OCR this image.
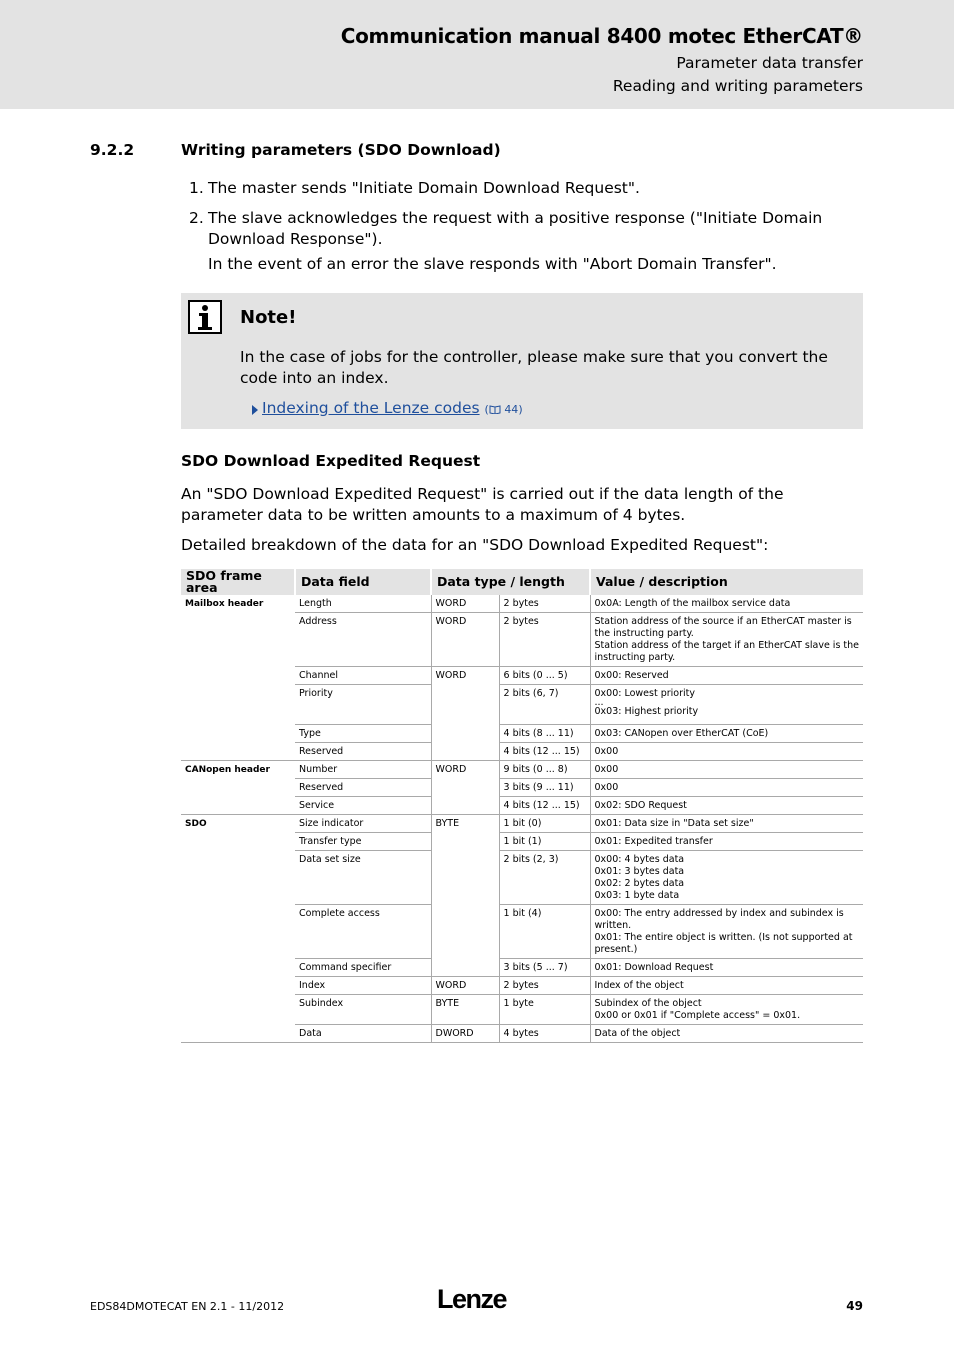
Communication manual 8400 motec EtherCAT®
Parameter data transfer
Reading and writing parameters
9.2.2	Writing parameters (SDO Download)
1. The master sends "Initiate Domain Download Request".
2. The slave acknowledges the request with a positive response ("Initiate Domain Download Response").
In the event of an error the slave responds with "Abort Domain Transfer".
Note!
In the case of jobs for the controller, please make sure that you convert the code into an index.
Indexing of the Lenze codes ( 44)
SDO Download Expedited Request
An "SDO Download Expedited Request" is carried out if the data length of the parameter data to be written amounts to a maximum of 4 bytes.
Detailed breakdown of the data for an "SDO Download Expedited Request":
SDO frame area	Data field	Data type / length		Value / description
Mailbox header	Length	WORD	2 bytes	0x0A: Length of the mailbox service data
	Address	WORD	2 bytes	Station address of the source if an EtherCAT master is the instructing party.
Station address of the target if an EtherCAT slave is the instructing party.

	Channel	WORD	6 bits (0 ... 5)	0x00: Reserved
	Priority		2 bits (6, 7)	0x00: Lowest priority
...
0x03: Highest priority

	Type		4 bits (8 ... 11)	0x03: CANopen over EtherCAT (CoE)
	Reserved		4 bits (12 ... 15)	0x00
CANopen header	Number	WORD	9 bits (0 ... 8)	0x00
	Reserved		3 bits (9 ... 11)	0x00
	Service		4 bits (12 ... 15)	0x02: SDO Request
SDO	Size indicator	BYTE	1 bit (0)	0x01: Data size in "Data set size"
	Transfer type		1 bit (1)	0x01: Expedited transfer
	Data set size		2 bits (2, 3)	0x00: 4 bytes data
0x01: 3 bytes data
0x02: 2 bytes data
0x03: 1 byte data

	Complete access		1 bit (4)	0x00: The entry addressed by index and subindex is written.
0x01: The entire object is written. (Is not supported at present.)

	Command specifier		3 bits (5 ... 7)	0x01: Download Request
	Index	WORD	2 bytes	Index of the object
	Subindex	BYTE	1 byte	Subindex of the object
0x00 or 0x01 if "Complete access" = 0x01.

	Data	DWORD	4 bytes	Data of the object
EDS84DMOTECAT EN 2.1 - 11/2012	Lenze	49
